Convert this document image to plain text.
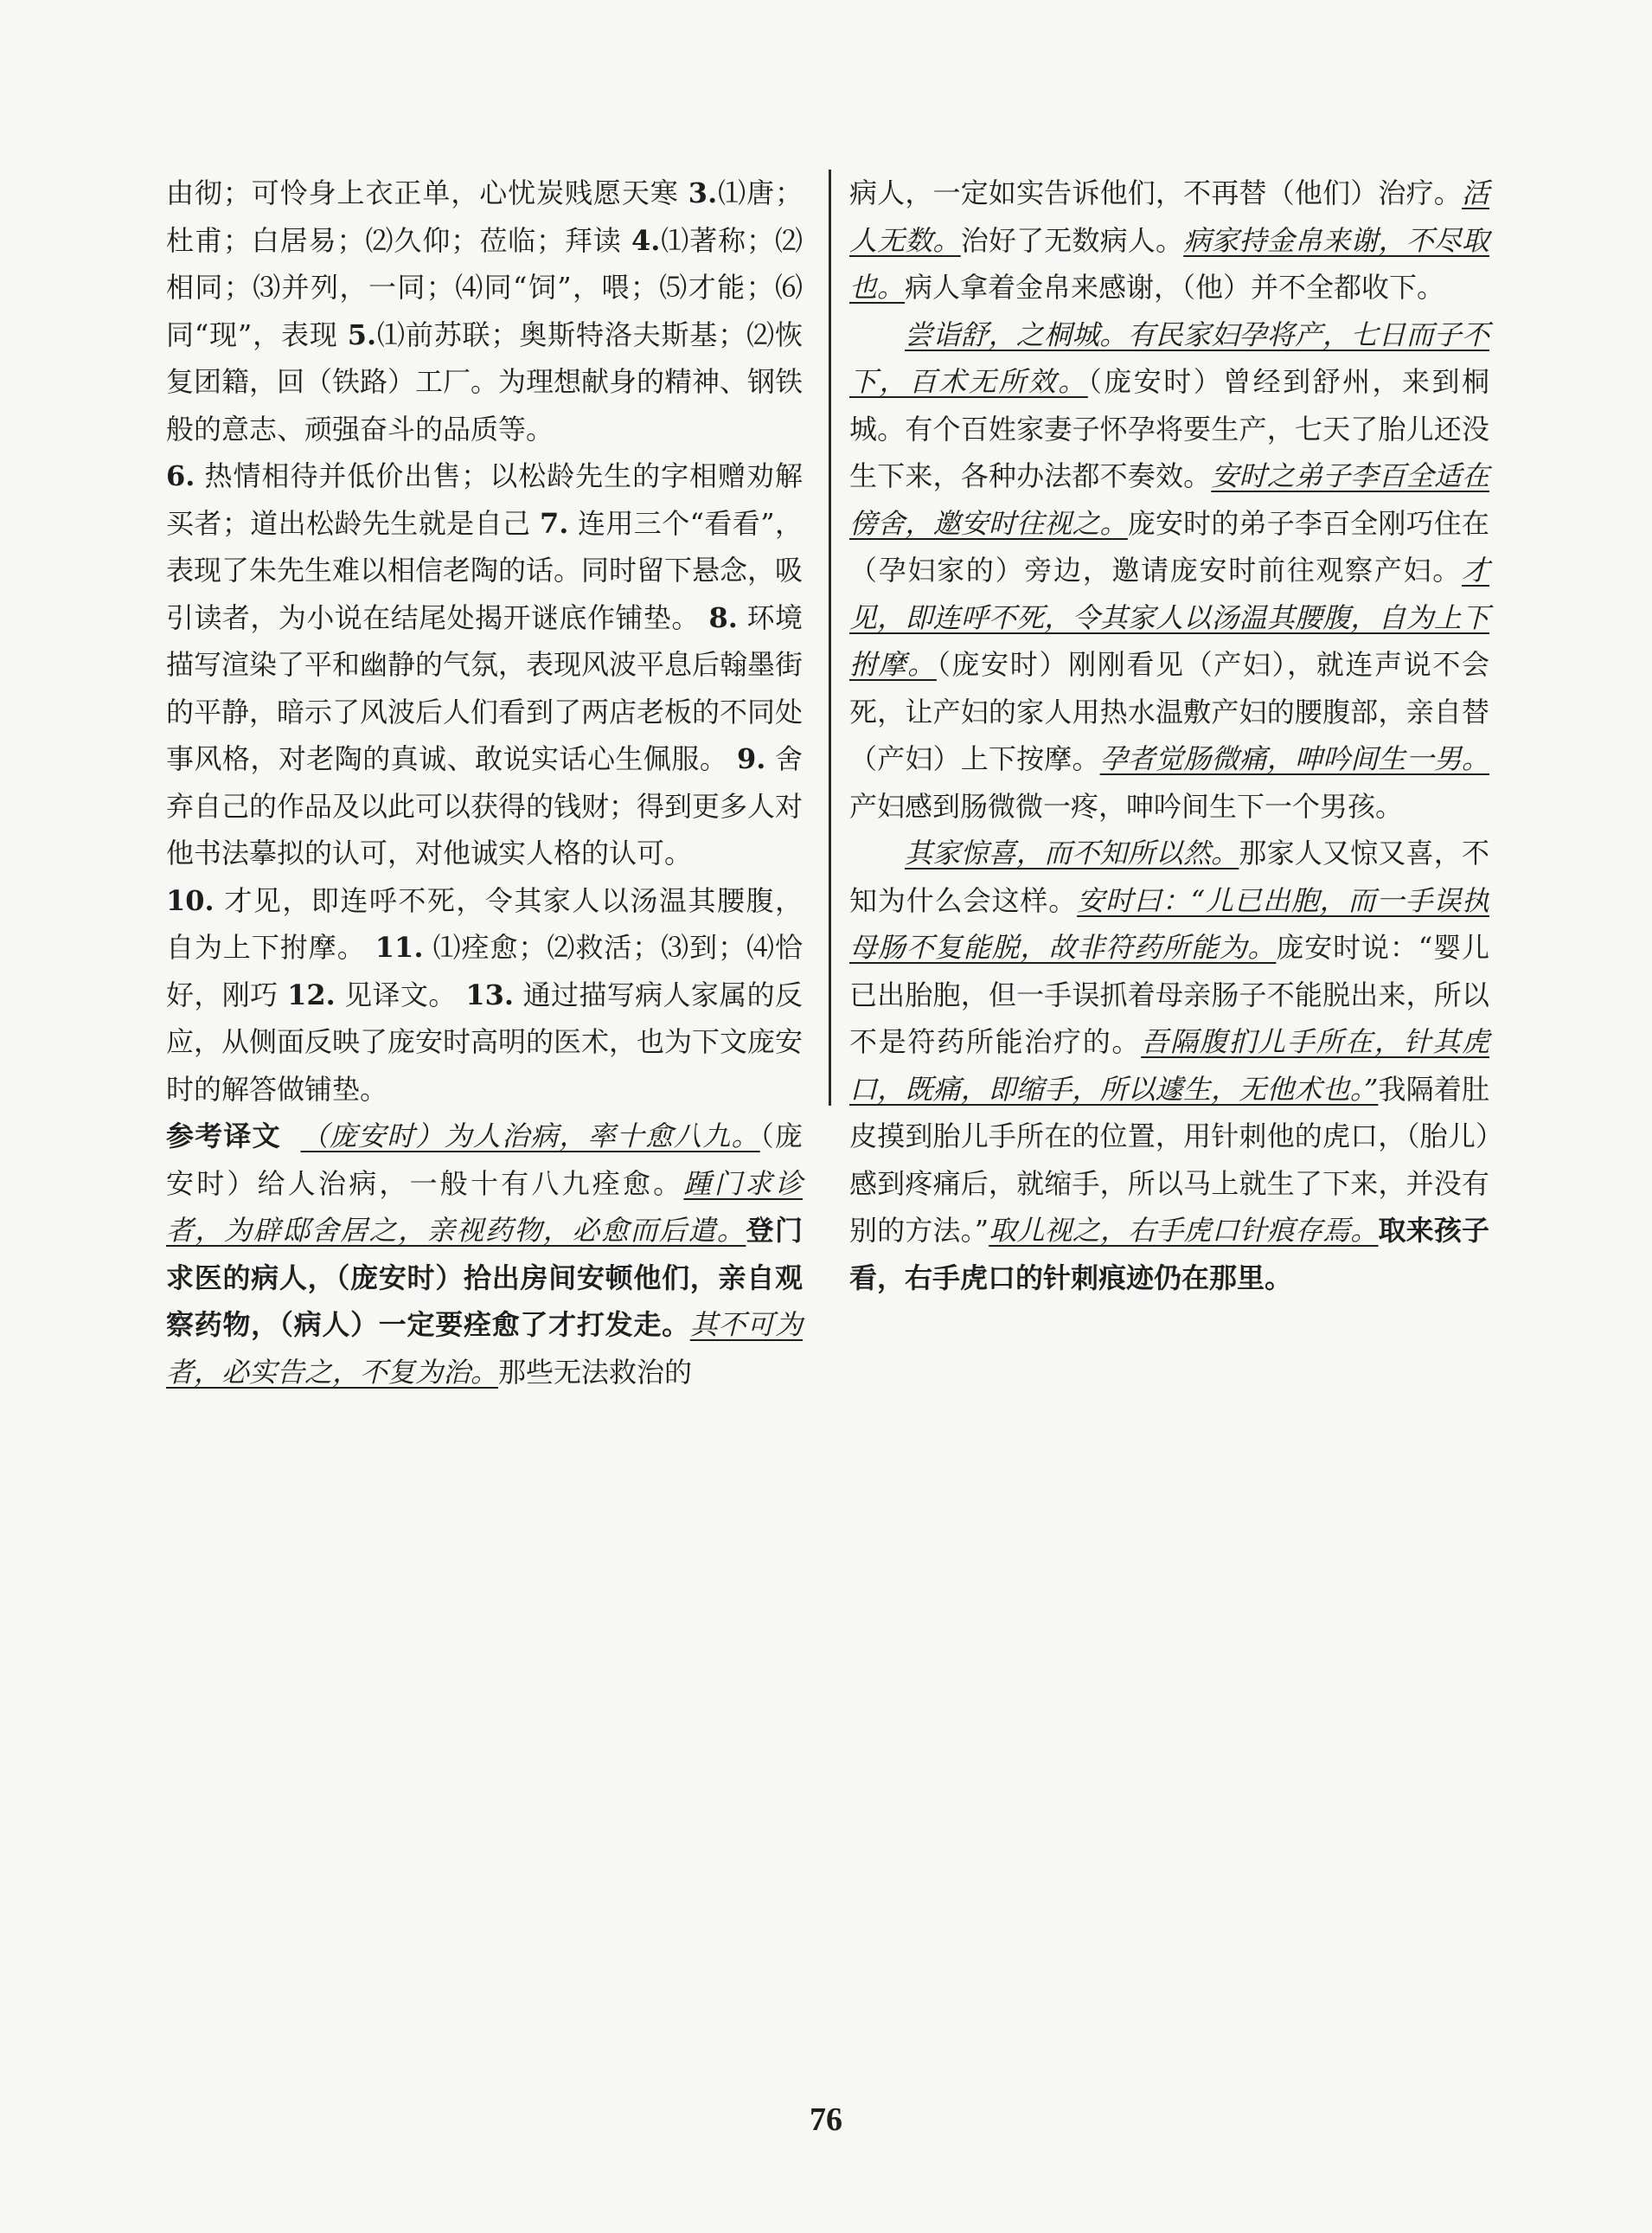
由彻；可怜身上衣正单，心忧炭贱愿天寒 3.⑴唐；杜甫；白居易；⑵久仰；莅临；拜读 4.⑴著称；⑵相同；⑶并列，一同；⑷同“饲”，喂；⑸才能；⑹同“现”，表现 5.⑴前苏联；奥斯特洛夫斯基；⑵恢复团籍，回（铁路）工厂。为理想献身的精神、钢铁般的意志、顽强奋斗的品质等。
6. 热情相待并低价出售；以松龄先生的字相赠劝解买者；道出松龄先生就是自己 7. 连用三个“看看”，表现了朱先生难以相信老陶的话。同时留下悬念，吸引读者，为小说在结尾处揭开谜底作铺垫。 8. 环境描写渲染了平和幽静的气氛，表现风波平息后翰墨街的平静，暗示了风波后人们看到了两店老板的不同处事风格，对老陶的真诚、敢说实话心生佩服。 9. 舍弃自己的作品及以此可以获得的钱财；得到更多人对他书法摹拟的认可，对他诚实人格的认可。
10. 才见，即连呼不死，令其家人以汤温其腰腹，自为上下拊摩。 11. ⑴痊愈；⑵救活；⑶到；⑷恰好，刚巧 12. 见译文。 13. 通过描写病人家属的反应，从侧面反映了庞安时高明的医术，也为下文庞安时的解答做铺垫。
参考译文 （庞安时）为人治病，率十愈八九。（庞安时）给人治病，一般十有八九痊愈。踵门求诊者，为辟邸舍居之，亲视药物，必愈而后遣。登门求医的病人，（庞安时）拾出房间安顿他们，亲自观察药物，（病人）一定要痊愈了才打发走。其不可为者，必实告之，不复为治。那些无法救治的
病人，一定如实告诉他们，不再替（他们）治疗。活人无数。治好了无数病人。病家持金帛来谢，不尽取也。病人拿着金帛来感谢，（他）并不全都收下。
尝诣舒，之桐城。有民家妇孕将产，七日而子不下，百术无所效。（庞安时）曾经到舒州，来到桐城。有个百姓家妻子怀孕将要生产，七天了胎儿还没生下来，各种办法都不奏效。安时之弟子李百全适在傍舍，邀安时往视之。庞安时的弟子李百全刚巧住在（孕妇家的）旁边，邀请庞安时前往观察产妇。才见，即连呼不死，令其家人以汤温其腰腹，自为上下拊摩。（庞安时）刚刚看见（产妇），就连声说不会死，让产妇的家人用热水温敷产妇的腰腹部，亲自替（产妇）上下按摩。孕者觉肠微痛，呻吟间生一男。产妇感到肠微微一疼，呻吟间生下一个男孩。
其家惊喜，而不知所以然。那家人又惊又喜，不知为什么会这样。安时曰：“儿已出胞，而一手误执母肠不复能脱，故非符药所能为。庞安时说：“婴儿已出胎胞，但一手误抓着母亲肠子不能脱出来，所以不是符药所能治疗的。吾隔腹扪儿手所在，针其虎口，既痛，即缩手，所以遽生，无他术也。”我隔着肚皮摸到胎儿手所在的位置，用针刺他的虎口，（胎儿）感到疼痛后，就缩手，所以马上就生了下来，并没有别的方法。”取儿视之，右手虎口针痕存焉。取来孩子看，右手虎口的针刺痕迹仍在那里。
76
